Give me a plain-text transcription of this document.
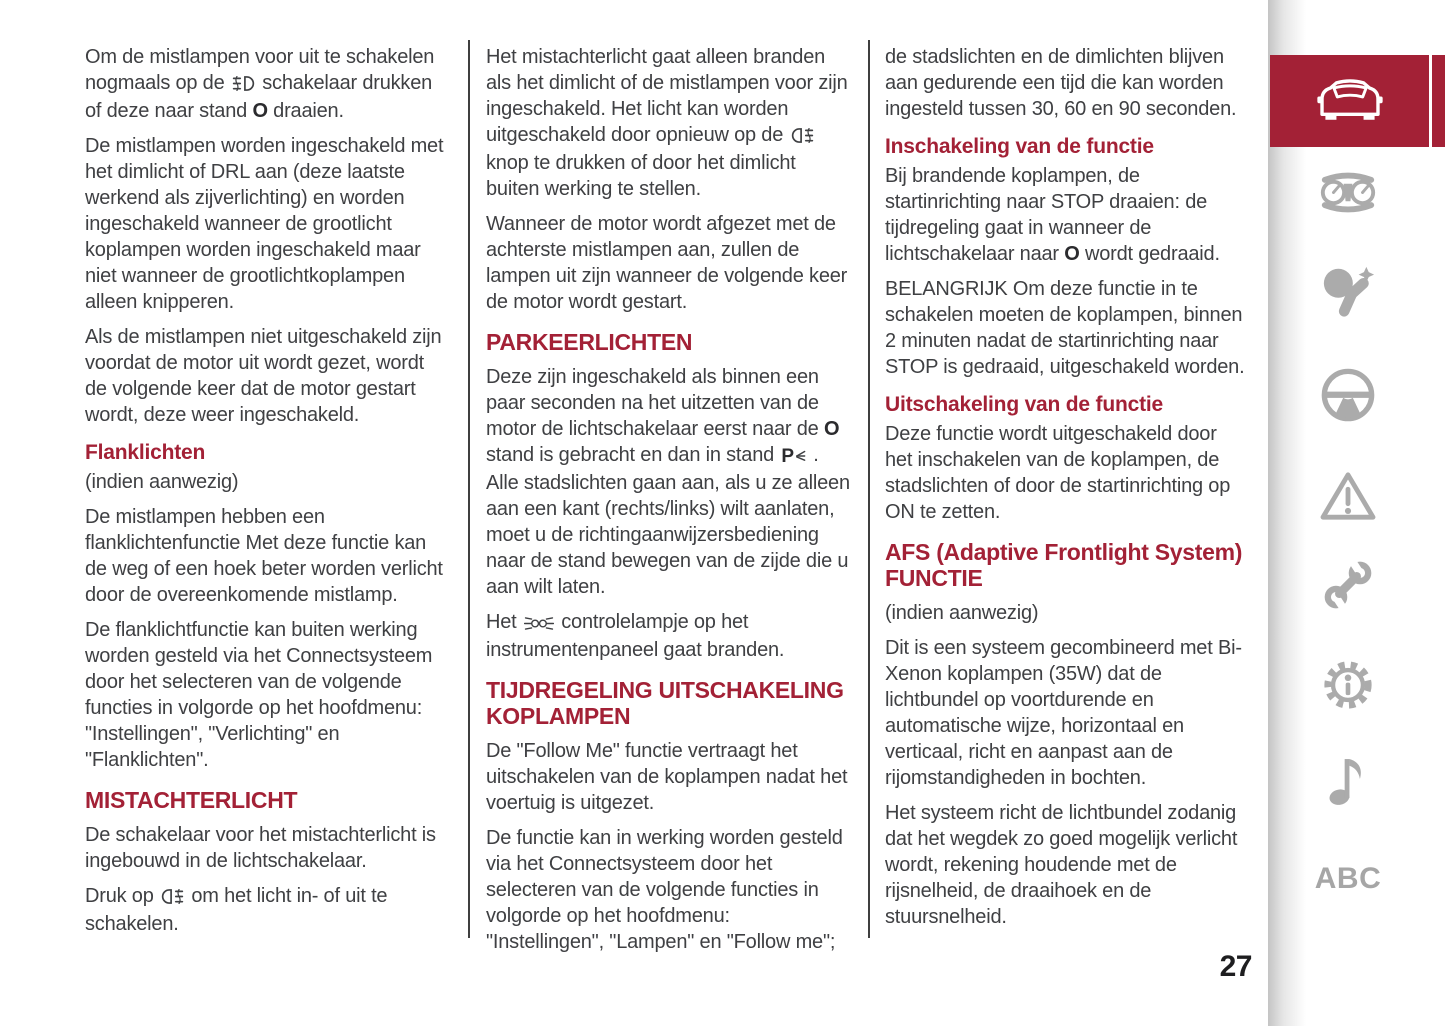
Om de mistlampen voor uit te schakelen nogmaals op de  schakelaar drukken of deze naar stand O draaien.

De mistlampen worden ingeschakeld met het dimlicht of DRL aan (deze laatste werkend als zijverlichting) en worden ingeschakeld wanneer de grootlicht koplampen worden ingeschakeld maar niet wanneer de grootlichtkoplampen alleen knipperen.

Als de mistlampen niet uitgeschakeld zijn voordat de motor uit wordt gezet, wordt de volgende keer dat de motor gestart wordt, deze weer ingeschakeld.

Flanklichten

(indien aanwezig)

De mistlampen hebben een flanklichtenfunctie Met deze functie kan de weg of een hoek beter worden verlicht door de overeenkomende mistlamp.

De flanklichtfunctie kan buiten werking worden gesteld via het Connectsysteem door het selecteren van de volgende functies in volgorde op het hoofdmenu: "Instellingen", "Verlichting" en "Flanklichten".

MISTACHTERLICHT

De schakelaar voor het mistachterlicht is ingebouwd in de lichtschakelaar.

Druk op  om het licht in- of uit te schakelen.

Het mistachterlicht gaat alleen branden als het dimlicht of de mistlampen voor zijn ingeschakeld. Het licht kan worden uitgeschakeld door opnieuw op de  knop te drukken of door het dimlicht buiten werking te stellen.

Wanneer de motor wordt afgezet met de achterste mistlampen aan, zullen de lampen uit zijn wanneer de volgende keer de motor wordt gestart.

PARKEERLICHTEN

Deze zijn ingeschakeld als binnen een paar seconden na het uitzetten van de motor de lichtschakelaar eerst naar de O stand is gebracht en dan in stand P . Alle stadslichten gaan aan, als u ze alleen aan een kant (rechts/links) wilt aanlaten, moet u de richtingaanwijzersbediening naar de stand bewegen van de zijde die u aan wilt laten.

Het  controlelampje op het instrumentenpaneel gaat branden.

TIJDREGELING UITSCHAKELING KOPLAMPEN

De "Follow Me" functie vertraagt het uitschakelen van de koplampen nadat het voertuig is uitgezet.

De functie kan in werking worden gesteld via het Connectsysteem door het selecteren van de volgende functies in volgorde op het hoofdmenu: "Instellingen", "Lampen" en "Follow me";

de stadslichten en de dimlichten blijven aan gedurende een tijd die kan worden ingesteld tussen 30, 60 en 90 seconden.

Inschakeling van de functie

Bij brandende koplampen, de startinrichting naar STOP draaien: de tijdregeling gaat in wanneer de lichtschakelaar naar O wordt gedraaid.

BELANGRIJK Om deze functie in te schakelen moeten de koplampen, binnen 2 minuten nadat de startinrichting naar STOP is gedraaid, uitgeschakeld worden.

Uitschakeling van de functie

Deze functie wordt uitgeschakeld door het inschakelen van de koplampen, de stadslichten of door de startinrichting op ON te zetten.

AFS (Adaptive Frontlight System) FUNCTIE

(indien aanwezig)

Dit is een systeem gecombineerd met Bi-Xenon koplampen (35W) dat de lichtbundel op voortdurende en automatische wijze, horizontaal en verticaal, richt en aanpast aan de rijomstandigheden in bochten.

Het systeem richt de lichtbundel zodanig dat het wegdek zo goed mogelijk verlicht wordt, rekening houdende met de rijsnelheid, de draaihoek en de stuursnelheid.

ABC
27
